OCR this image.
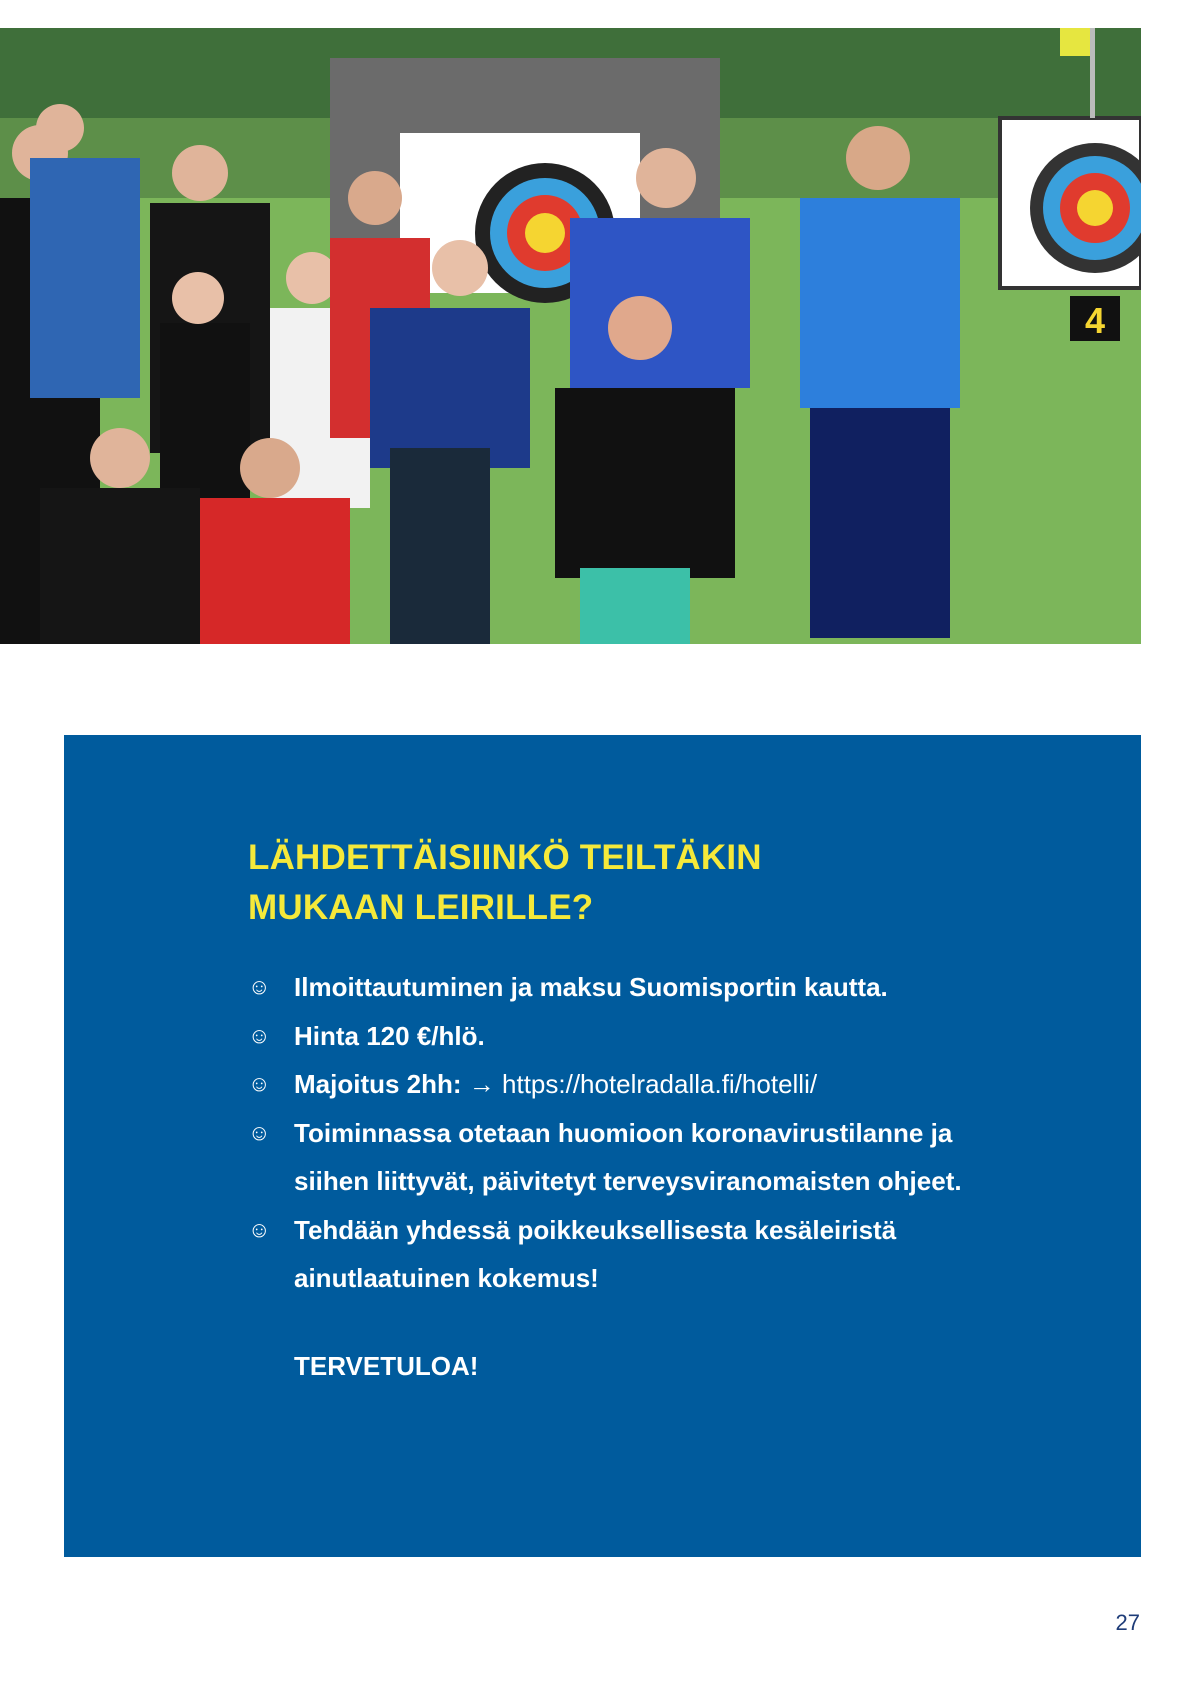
4
LÄHDETTÄISIINKÖ TEILTÄKIN
MUKAAN LEIRILLE?
☺ Ilmoittautuminen ja maksu Suomisportin kautta.
☺ Hinta 120 €/hlö.
☺ Majoitus 2hh: → https://hotelradalla.fi/hotelli/
☺ Toiminnassa otetaan huomioon koronavirustilanne ja siihen liittyvät, päivitetyt terveysviranomaisten ohjeet.
☺ Tehdään yhdessä poikkeuksellisesta kesäleiristä ainutlaatuinen kokemus!
TERVETULOA!
27
